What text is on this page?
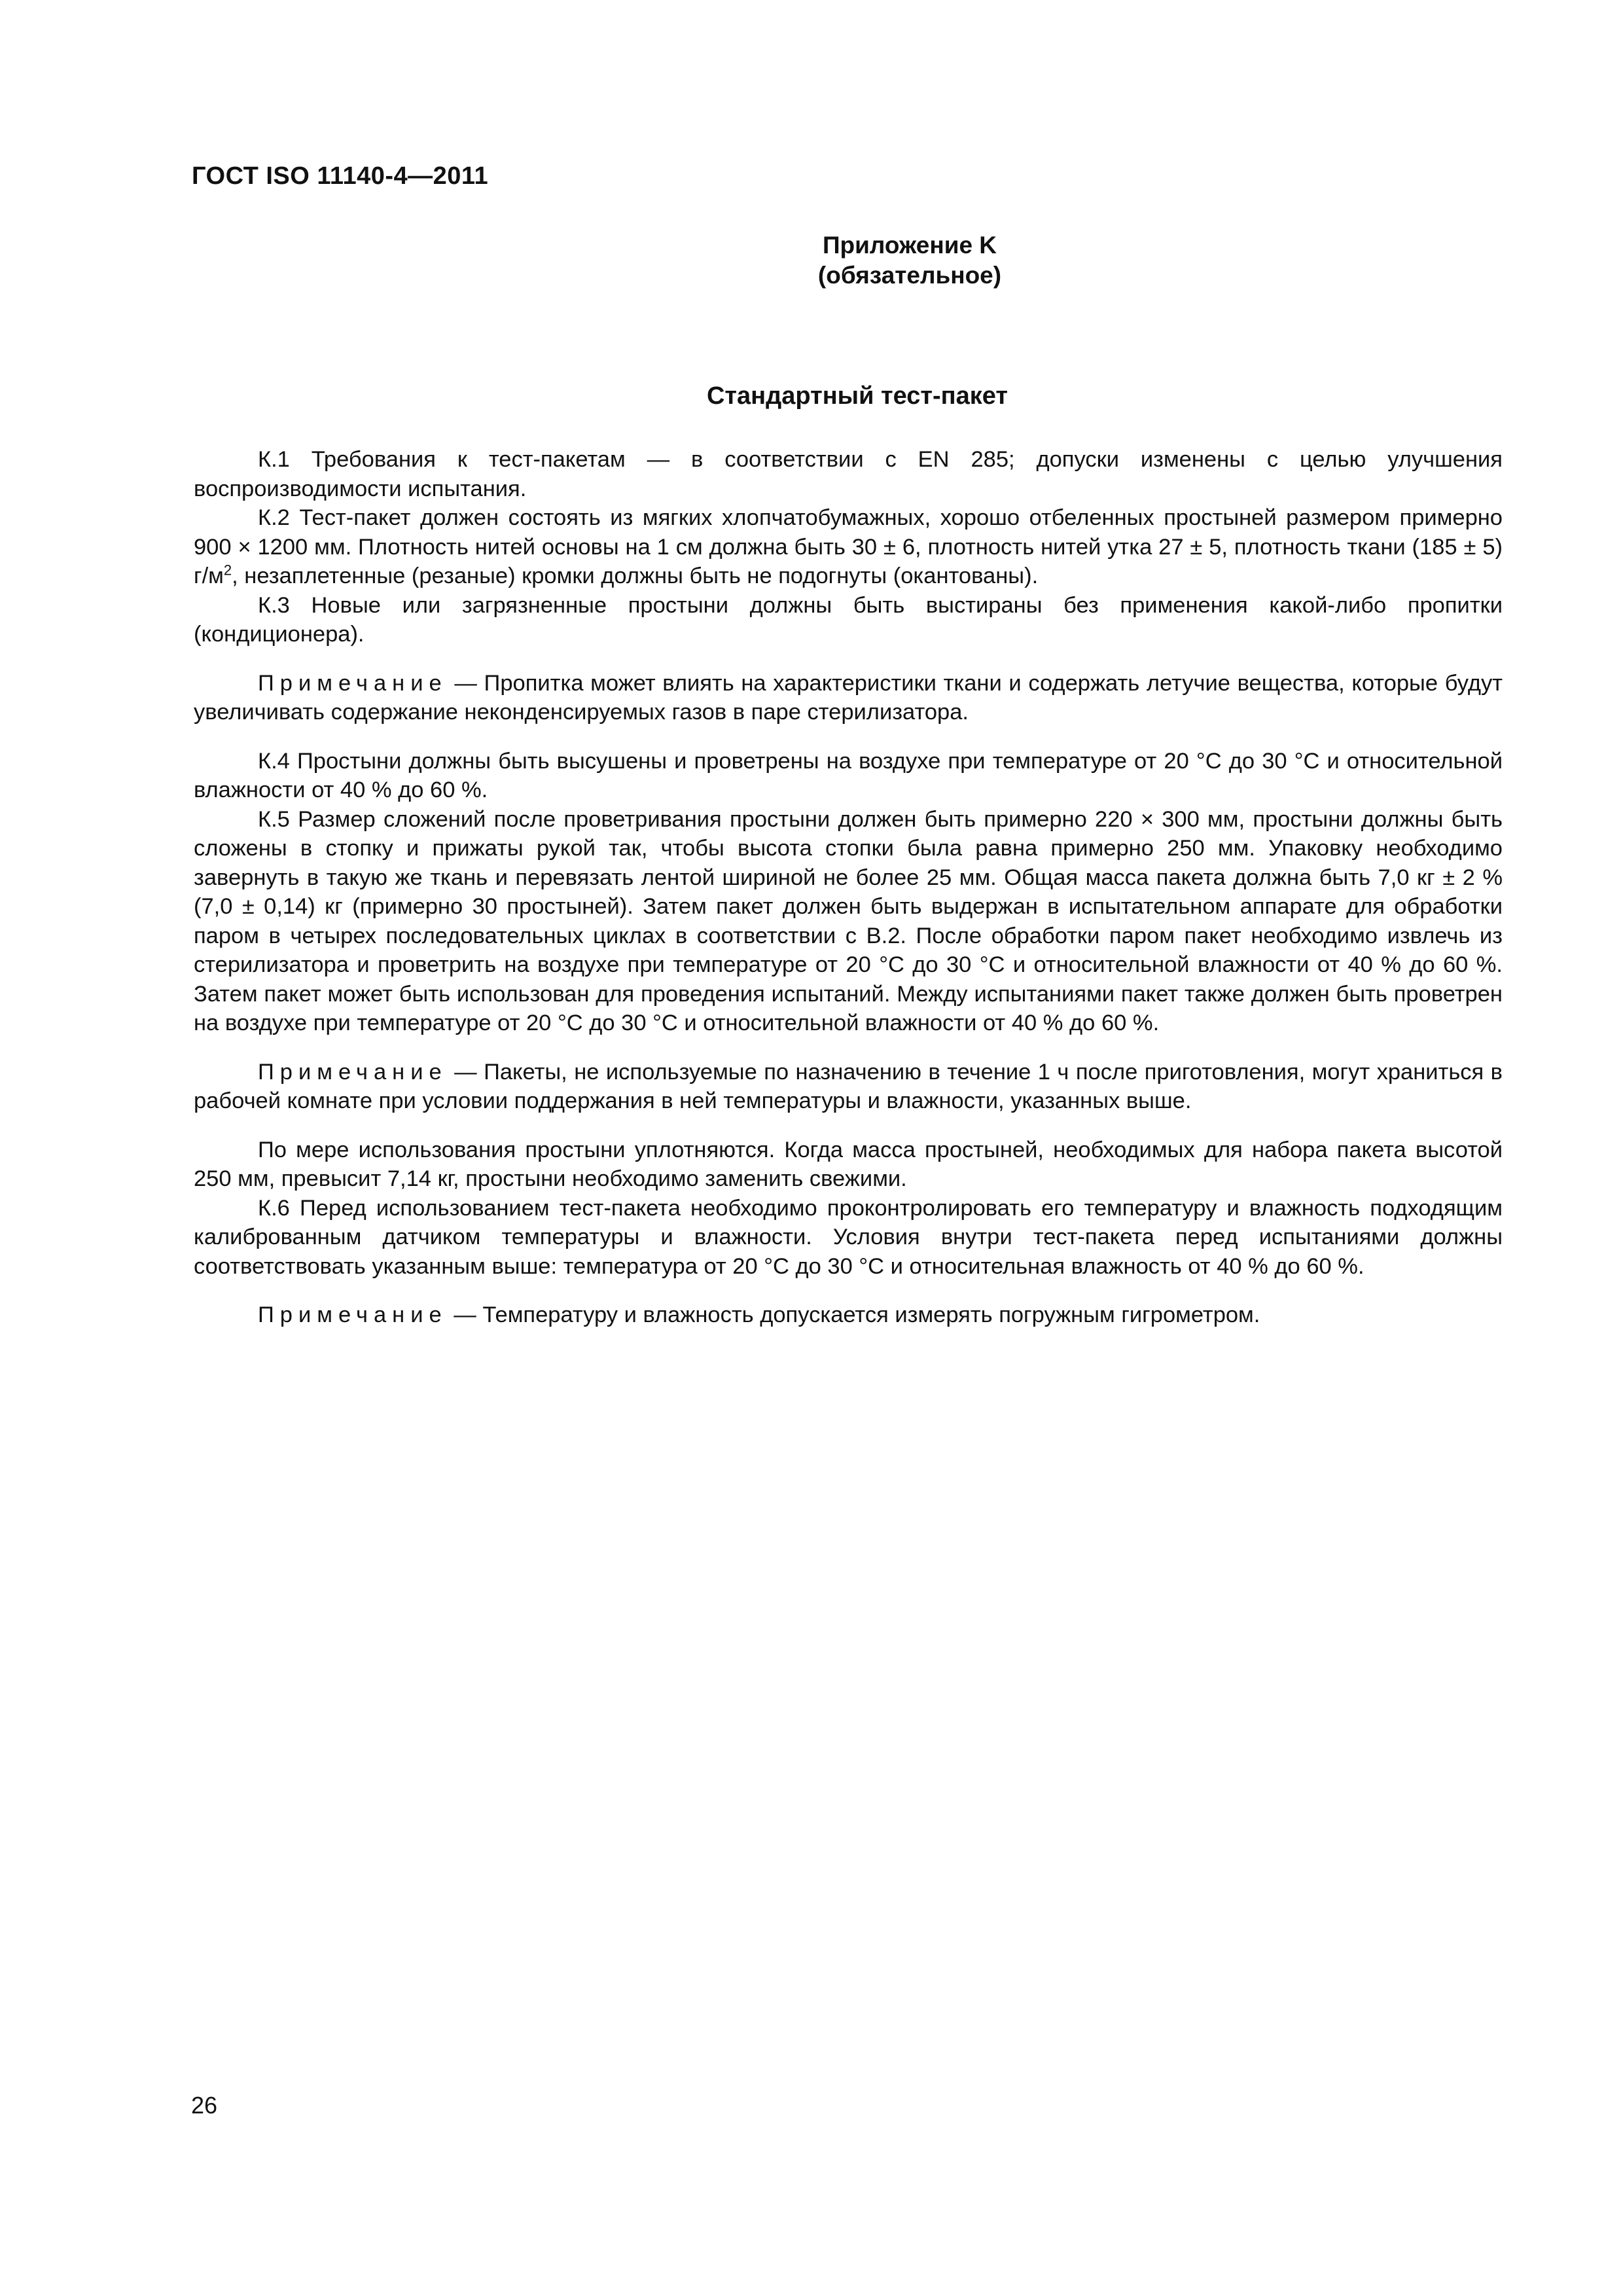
ГОСТ ISO 11140-4—2011
Приложение K
(обязательное)
Стандартный тест-пакет

К.1 Требования к тест-пакетам — в соответствии с EN 285; допуски изменены с целью улучшения воспроизводимости испытания.

К.2 Тест-пакет должен состоять из мягких хлопчатобумажных, хорошо отбеленных простыней размером примерно 900 × 1200 мм. Плотность нитей основы на 1 см должна быть 30 ± 6, плотность нитей утка 27 ± 5, плотность ткани (185 ± 5) $г/м^2$, незаплетенные (резаные) кромки должны быть не подогнуты (окантованы).

К.3 Новые или загрязненные простыни должны быть выстираны без применения какой-либо пропитки (кондиционера).

Примечание — Пропитка может влиять на характеристики ткани и содержать летучие вещества, которые будут увеличивать содержание неконденсируемых газов в паре стерилизатора.

К.4 Простыни должны быть высушены и проветрены на воздухе при температуре от 20 °С до 30 °С и относительной влажности от 40 % до 60 %.

К.5 Размер сложений после проветривания простыни должен быть примерно 220 × 300 мм, простыни должны быть сложены в стопку и прижаты рукой так, чтобы высота стопки была равна примерно 250 мм. Упаковку необходимо завернуть в такую же ткань и перевязать лентой шириной не более 25 мм. Общая масса пакета должна быть 7,0 кг ± 2 % (7,0 ± 0,14) кг (примерно 30 простыней). Затем пакет должен быть выдержан в испытательном аппарате для обработки паром в четырех последовательных циклах в соответствии с В.2. После обработки паром пакет необходимо извлечь из стерилизатора и проветрить на воздухе при температуре от 20 °С до 30 °С и относительной влажности от 40 % до 60 %. Затем пакет может быть использован для проведения испытаний. Между испытаниями пакет также должен быть проветрен на воздухе при температуре от 20 °С до 30 °С и относительной влажности от 40 % до 60 %.

Примечание — Пакеты, не используемые по назначению в течение 1 ч после приготовления, могут храниться в рабочей комнате при условии поддержания в ней температуры и влажности, указанных выше.

По мере использования простыни уплотняются. Когда масса простыней, необходимых для набора пакета высотой 250 мм, превысит 7,14 кг, простыни необходимо заменить свежими.

К.6 Перед использованием тест-пакета необходимо проконтролировать его температуру и влажность подходящим калиброванным датчиком температуры и влажности. Условия внутри тест-пакета перед испытаниями должны соответствовать указанным выше: температура от 20 °С до 30 °С и относительная влажность от 40 % до 60 %.

Примечание — Температуру и влажность допускается измерять погружным гигрометром.

26
